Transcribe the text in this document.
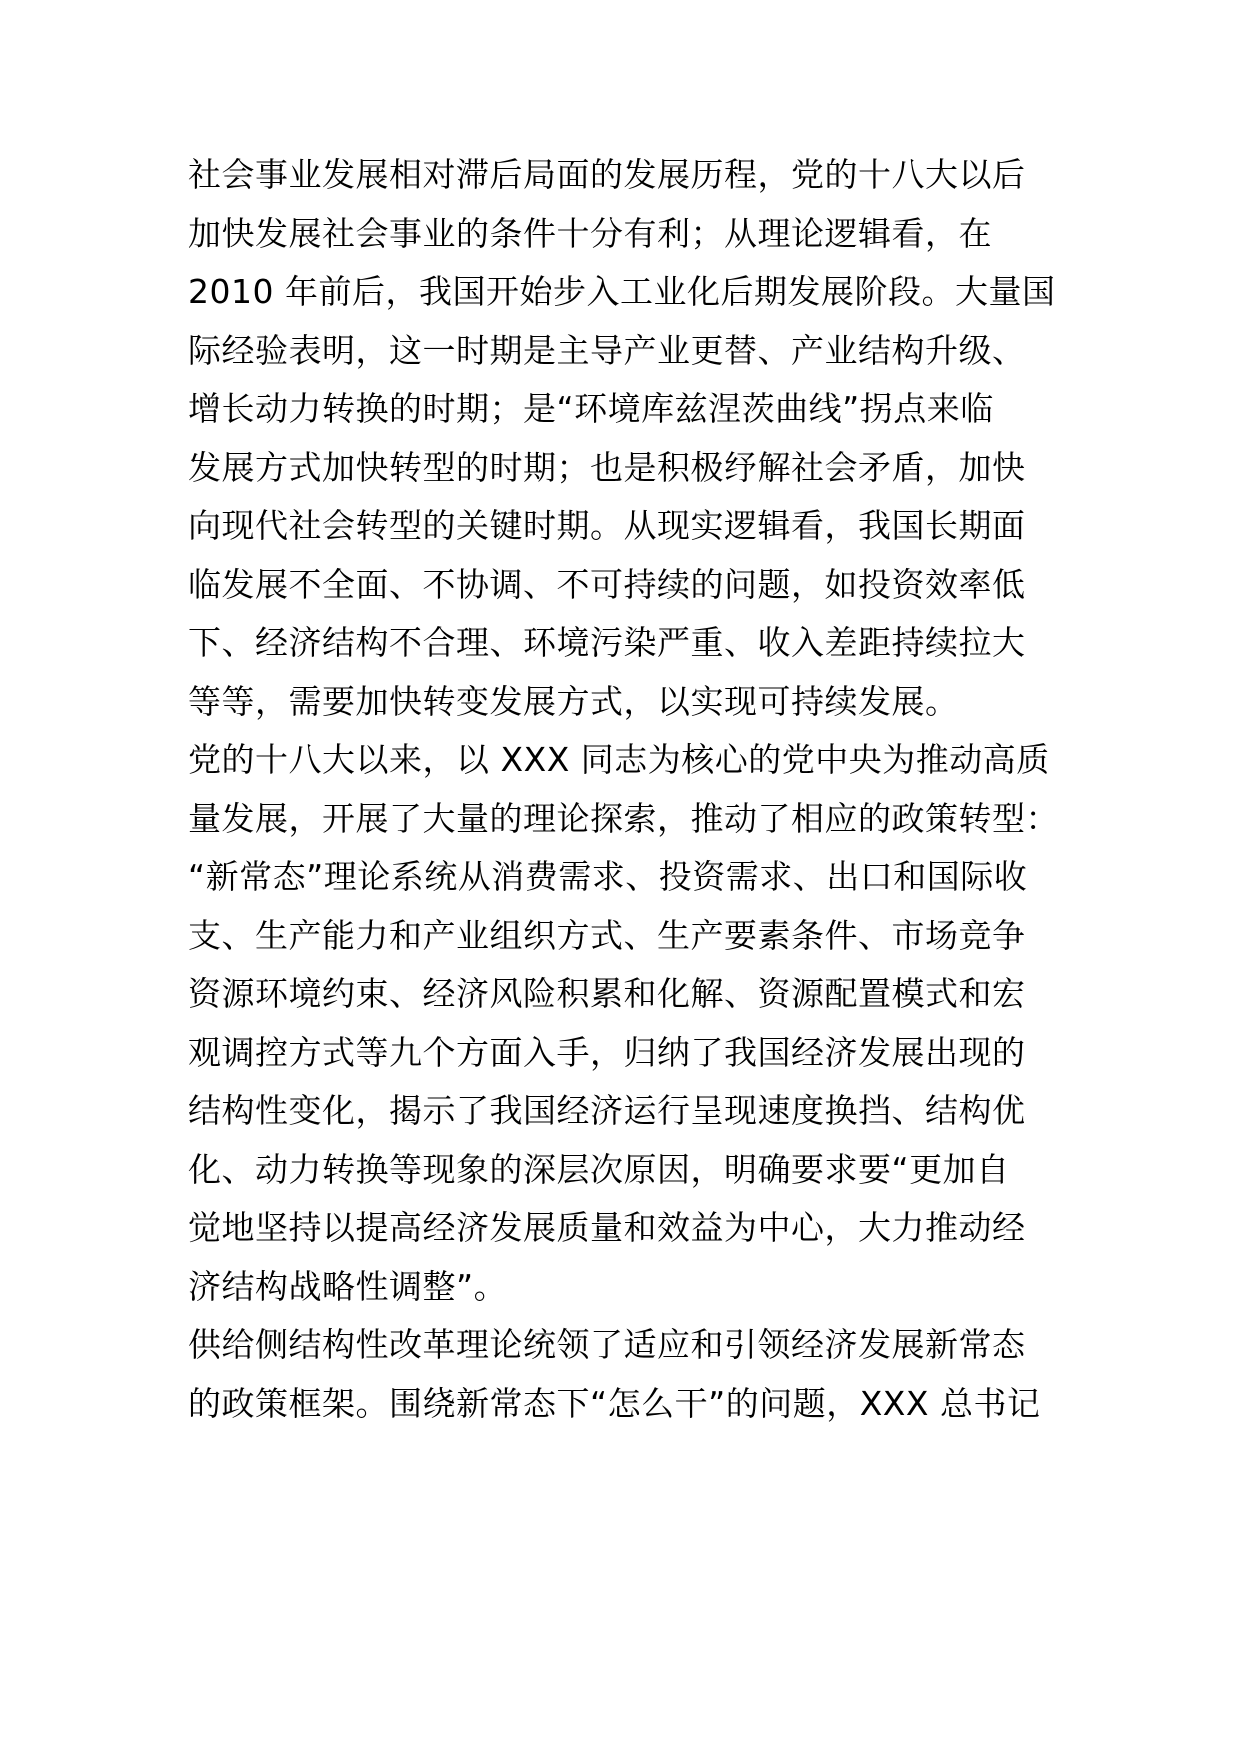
社会事业发展相对滞后局面的发展历程，党的十八大以后
加快发展社会事业的条件十分有利；从理论逻辑看，在
2010 年前后，我国开始步入工业化后期发展阶段。大量国
际经验表明，这一时期是主导产业更替、产业结构升级、
增长动力转换的时期；是“环境库兹涅茨曲线”拐点来临
发展方式加快转型的时期；也是积极纾解社会矛盾，加快
向现代社会转型的关键时期。从现实逻辑看，我国长期面
临发展不全面、不协调、不可持续的问题，如投资效率低
下、经济结构不合理、环境污染严重、收入差距持续拉大
等等，需要加快转变发展方式，以实现可持续发展。
党的十八大以来，以 XXX 同志为核心的党中央为推动高质
量发展，开展了大量的理论探索，推动了相应的政策转型：
“新常态”理论系统从消费需求、投资需求、出口和国际收
支、生产能力和产业组织方式、生产要素条件、市场竞争
资源环境约束、经济风险积累和化解、资源配置模式和宏
观调控方式等九个方面入手，归纳了我国经济发展出现的
结构性变化，揭示了我国经济运行呈现速度换挡、结构优
化、动力转换等现象的深层次原因，明确要求要“更加自
觉地坚持以提高经济发展质量和效益为中心，大力推动经
济结构战略性调整”。
供给侧结构性改革理论统领了适应和引领经济发展新常态
的政策框架。围绕新常态下“怎么干”的问题，XXX 总书记
